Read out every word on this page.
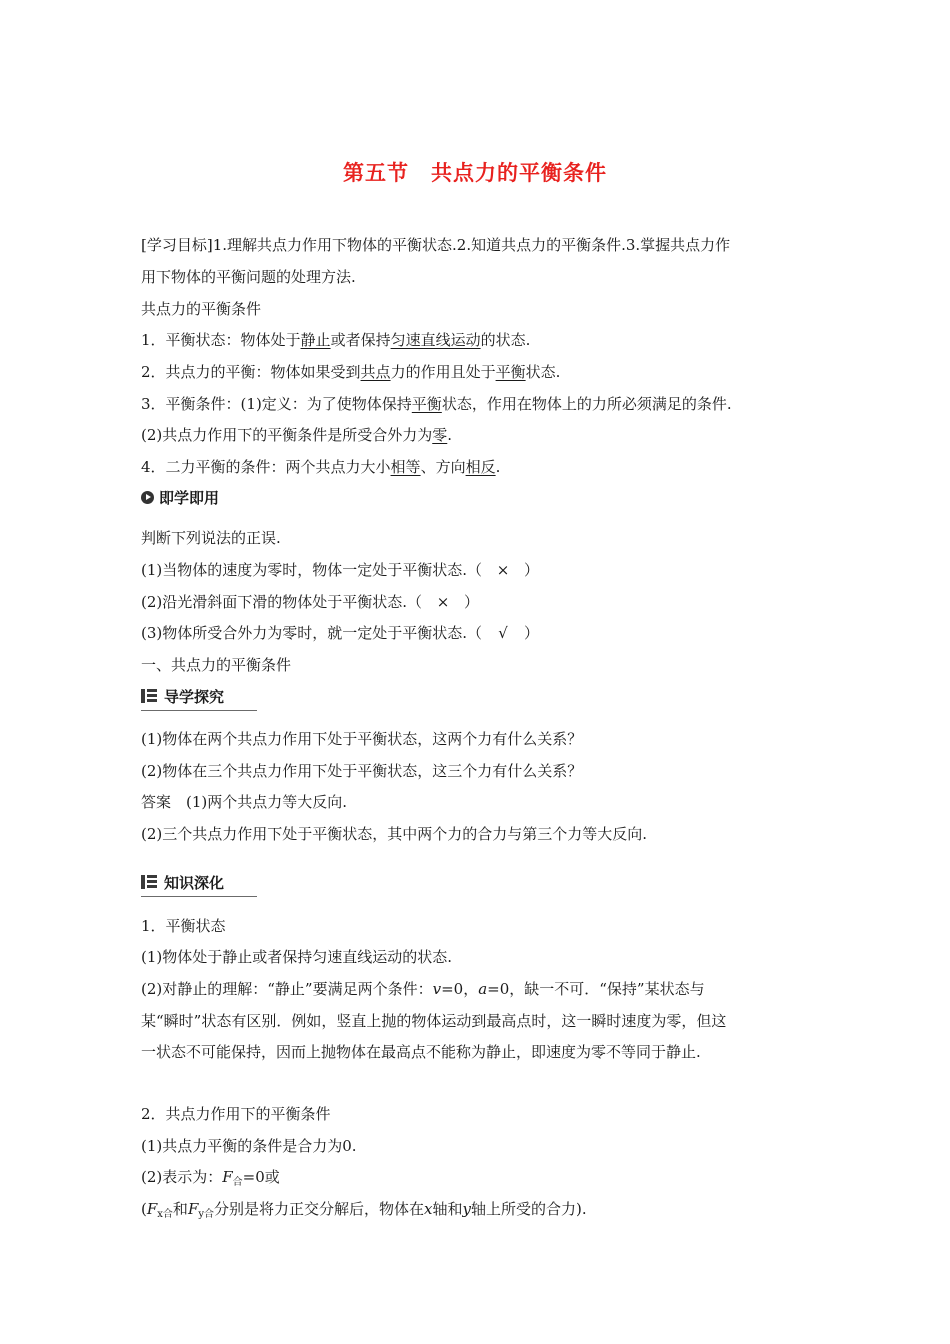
第五节　共点力的平衡条件
[学习目标]1.理解共点力作用下物体的平衡状态.2.知道共点力的平衡条件.3.掌握共点力作
用下物体的平衡问题的处理方法.
共点力的平衡条件
1．平衡状态：物体处于静止或者保持匀速直线运动的状态.
2．共点力的平衡：物体如果受到共点力的作用且处于平衡状态.
3．平衡条件：(1)定义：为了使物体保持平衡状态，作用在物体上的力所必须满足的条件.
(2)共点力作用下的平衡条件是所受合外力为零.
4．二力平衡的条件：两个共点力大小相等、方向相反.
即学即用
判断下列说法的正误.
(1)当物体的速度为零时，物体一定处于平衡状态.（ × ）
(2)沿光滑斜面下滑的物体处于平衡状态.（ × ）
(3)物体所受合外力为零时，就一定处于平衡状态.（ √ ）
一、共点力的平衡条件
导学探究
(1)物体在两个共点力作用下处于平衡状态，这两个力有什么关系？
(2)物体在三个共点力作用下处于平衡状态，这三个力有什么关系？
答案　(1)两个共点力等大反向.
(2)三个共点力作用下处于平衡状态，其中两个力的合力与第三个力等大反向.
知识深化
1．平衡状态
(1)物体处于静止或者保持匀速直线运动的状态.
(2)对静止的理解：“静止”要满足两个条件：v=0，a=0，缺一不可．“保持”某状态与
某“瞬时”状态有区别．例如，竖直上抛的物体运动到最高点时，这一瞬时速度为零，但这
一状态不可能保持，因而上抛物体在最高点不能称为静止，即速度为零不等同于静止.
2．共点力作用下的平衡条件
(1)共点力平衡的条件是合力为0.
(2)表示为：$F_合=0$或
($F_{x合}$和$F_{y合}$分别是将力正交分解后，物体在x轴和y轴上所受的合力).
